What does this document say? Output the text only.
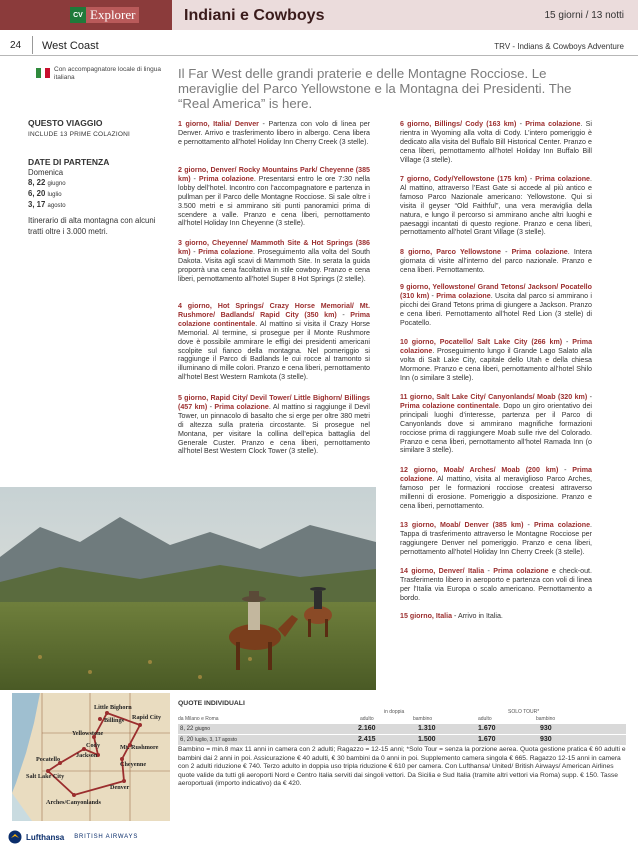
CV Explorer	Indiani e Cowboys	15 giorni / 13 notti
24 West Coast	TRV - Indians & Cowboys Adventure
Con accompagnatore locale di lingua italiana	Il Far West delle grandi praterie e delle Montagne Rocciose. Le meraviglie del Parco Yellowstone e la Montagna dei Presidenti. The “Real America” is here.
QUESTO VIAGGIO
INCLUDE 13 PRIME COLAZIONI
DATE DI PARTENZA
Domenica
8, 22 giugno
6, 20 luglio
3, 17 agosto
Itinerario di alta montagna con alcuni tratti oltre i 3.000 metri.
1 giorno, Italia/ Denver - Partenza con volo di linea per Denver. Arrivo e trasferimento libero in albergo. Cena libera e pernottamento all’hotel Holiday Inn Cherry Creek (3 stelle).
2 giorno, Denver/ Rocky Mountains Park/ Cheyenne (385 km) - Prima colazione. Presentarsi entro le ore 7:30 nella lobby dell’hotel. Incontro con l’accompagnatore e partenza in pullman per il Parco delle Montagne Rocciose. Si sale oltre i 3.500 metri e si ammirano siti punti panoramici prima di scendere a valle. Pranzo e cena liberi, pernottamento all’hotel Holiday Inn Cheyenne (3 stelle).
3 giorno, Cheyenne/ Mammoth Site & Hot Springs (386 km) - Prima colazione. Proseguimento alla volta del South Dakota. Visita agli scavi di Mammoth Site. In serata la guida proporrà una cena facoltativa in stile cowboy. Pranzo e cena liberi, pernottamento all’hotel Super 8 Hot Springs (2 stelle).
4 giorno, Hot Springs/ Crazy Horse Memorial/ Mt. Rushmore/ Badlands/ Rapid City (350 km) - Prima colazione continentale. Al mattino si visita il Crazy Horse Memorial. Al termine, si prosegue per il Monte Rushmore dove è possibile ammirare le effigi dei presidenti americani scolpite sul fianco della montagna. Nel pomeriggio si raggiunge il Parco di Badlands le cui rocce al tramonto si illuminano di mille colori. Pranzo e cena liberi, pernottamento all’hotel Best Western Ramkota (3 stelle).
5 giorno, Rapid City/ Devil Tower/ Little Bighorn/ Billings (457 km) - Prima colazione. Al mattino si raggiunge il Devil Tower, un pinnacolo di basalto che si erge per oltre 380 metri di altezza sulla prateria circostante. Si prosegue nel Montana, per visitare la collina dell’epica battaglia del Generale Custer. Pranzo e cena liberi, pernottamento all’hotel Best Western Clock Tower (3 stelle).
6 giorno, Billings/ Cody (163 km) - Prima colazione. Si rientra in Wyoming alla volta di Cody. L’intero pomeriggio è dedicato alla visita del Buffalo Bill Historical Center. Pranzo e cena liberi, pernottamento all’hotel Holiday Inn Buffalo Bill Village (3 stelle).
7 giorno, Cody/Yellowstone (175 km) - Prima colazione. Al mattino, attraverso l’East Gate si accede al più antico e famoso Parco Nazionale americano: Yellowstone. Qui si visita il geyser “Old Faithful”, una vera meraviglia della natura, e lungo il percorso si ammirano anche altri luoghi e paesaggi incantati di questo regione. Pranzo e cena liberi, pernottamento all’hotel Grant Village (3 stelle).
8 giorno, Parco Yellowstone - Prima colazione. Intera giornata di visite all’interno del parco nazionale. Pranzo e cena liberi. Pernottamento.
9 giorno, Yellowstone/ Grand Tetons/ Jackson/ Pocatello (310 km) - Prima colazione. Uscita dal parco si ammirano i picchi dei Grand Tetons prima di giungere a Jackson. Pranzo e cena liberi. Pernottamento all’hotel Red Lion (3 stelle) di Pocatello.
10 giorno, Pocatello/ Salt Lake City (266 km) - Prima colazione. Proseguimento lungo il Grande Lago Salato alla volta di Salt Lake City, capitale dello Utah e della chiesa Mormone. Pranzo e cena liberi, pernottamento all’hotel Shilo Inn (o similare 3 stelle).
11 giorno, Salt Lake City/ Canyonlands/ Moab (320 km) - Prima colazione continentale. Dopo un giro orientativo dei principali luoghi d’interesse, partenza per il Parco di Canyonlands dove si ammirano magnifiche formazioni rocciose prima di raggiungere Moab sulle rive del Colorado. Pranzo e cena liberi, pernottamento all’hotel Ramada Inn (o similare 3 stelle).
12 giorno, Moab/ Arches/ Moab (200 km) - Prima colazione. Al mattino, visita al meraviglioso Parco Arches, famoso per le formazioni rocciose createsi attraverso millenni di erosione. Pomeriggio a disposizione. Pranzo e cena liberi, pernottamento.
13 giorno, Moab/ Denver (385 km) - Prima colazione. Tappa di trasferimento attraverso le Montagne Rocciose per raggiungere Denver nel pomeriggio. Pranzo e cena liberi, pernottamento all’hotel Holiday Inn Cherry Creek (3 stelle).
14 giorno, Denver/ Italia - Prima colazione e check-out. Trasferimento libero in aeroporto e partenza con voli di linea per l’Italia via Europa o scalo americano. Pernottamento a bordo.
15 giorno, Italia - Arrivo in Italia.
Little Bighorn
Billings Rapid City
Yellowstone
Cody
Pocatello
Jackson
Mt. Rushmore
Cheyenne
Salt Lake City
Denver
Arches/Canyonlands
Lufthansa BRITISH AIRWAYS
QUOTE INDIVIDUALI
in doppia	SOLO TOUR*
da Milano e Roma	adulto	bambino	adulto	bambino
8, 22 giugno	2.160	1.310	1.670	930
6, 20 luglio, 3, 17 agosto	2.415	1.500	1.670	930
Bambino = min.8 max 11 anni in camera con 2 adulti; Ragazzo = 12-15 anni; *Solo Tour = senza la porzione aerea. Quota gestione pratica € 60 adulti e bambini dai 2 anni in poi. Assicurazione € 40 adulti, € 30 bambini da 0 anni in poi. Supplemento camera singola € 665. Ragazzo 12-15 anni in camera con 2 adulti riduzione € 740. Terzo adulto in doppia uso tripla riduzione € 610 per camera. Con Lufthansa/ United/ British Airways/ American Airlines quote valide da tutti gli aeroporti Nord e Centro Italia serviti dai singoli vettori. Da Sicilia e Sud Italia (tramite altri vettori via Roma) supp. € 150. Tasse aeroportuali (importo indicativo) da € 420.
